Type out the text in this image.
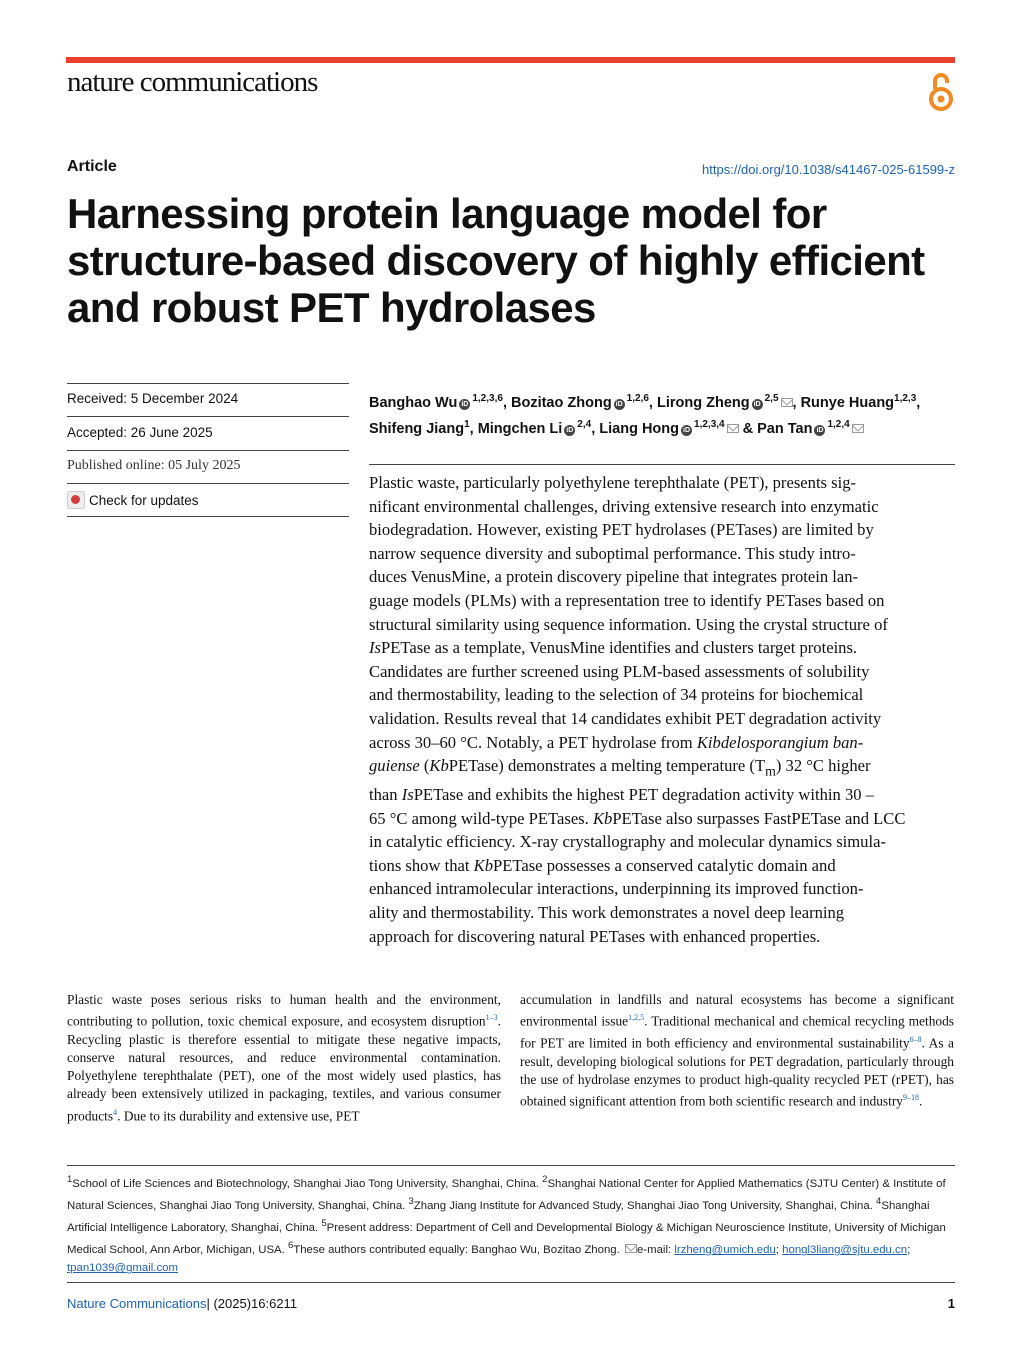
nature communications
Article	https://doi.org/10.1038/s41467-025-61599-z
Harnessing protein language model for structure-based discovery of highly efficient and robust PET hydrolases
Received: 5 December 2024
Accepted: 26 June 2025
Published online: 05 July 2025
Check for updates
Banghao Wu iD$^{1,2,3,6}$, Bozitao Zhong iD$^{1,2,6}$, Lirong Zheng iD$^{2,5}$ , Runye Huang$^{1,2,3}$,
Shifeng Jiang$^1$, Mingchen Li iD$^{2,4}$, Liang Hong iD$^{1,2,3,4}$ & Pan Tan iD$^{1,2,4}$

Plastic waste, particularly polyethylene terephthalate (PET), presents sig-
nificant environmental challenges, driving extensive research into enzymatic
biodegradation. However, existing PET hydrolases (PETases) are limited by
narrow sequence diversity and suboptimal performance. This study intro-
duces VenusMine, a protein discovery pipeline that integrates protein lan-
guage models (PLMs) with a representation tree to identify PETases based on
structural similarity using sequence information. Using the crystal structure of
IsPETase as a template, VenusMine identifies and clusters target proteins.
Candidates are further screened using PLM-based assessments of solubility
and thermostability, leading to the selection of 34 proteins for biochemical
validation. Results reveal that 14 candidates exhibit PET degradation activity
across 30–60 °C. Notably, a PET hydrolase from Kibdelosporangium ban-
guiense (KbPETase) demonstrates a melting temperature $(T_m)$ 32 °C higher
than IsPETase and exhibits the highest PET degradation activity within 30 –
65 °C among wild-type PETases. KbPETase also surpasses FastPETase and LCC
in catalytic efficiency. X-ray crystallography and molecular dynamics simula-
tions show that KbPETase possesses a conserved catalytic domain and
enhanced intramolecular interactions, underpinning its improved function-
ality and thermostability. This work demonstrates a novel deep learning
approach for discovering natural PETases with enhanced properties.

Plastic waste poses serious risks to human health and the environment, contributing to pollution, toxic chemical exposure, and ecosystem disruption$^{1-3}$. Recycling plastic is therefore essential to mitigate these negative impacts, conserve natural resources, and reduce environmental contamination. Polyethylene terephthalate (PET), one of the most widely used plastics, has already been extensively utilized in packaging, textiles, and various consumer products$^4$. Due to its durability and extensive use, PET

accumulation in landfills and natural ecosystems has become a significant environmental issue$^{1,2,5}$. Traditional mechanical and chemical recycling methods for PET are limited in both efficiency and environmental sustainability$^{6-8}$. As a result, developing biological solutions for PET degradation, particularly through the use of hydrolase enzymes to product high-quality recycled PET (rPET), has obtained significant attention from both scientific research and industry$^{9-18}$.

$^1$School of Life Sciences and Biotechnology, Shanghai Jiao Tong University, Shanghai, China. $^2$Shanghai National Center for Applied Mathematics (SJTU Center) & Institute of Natural Sciences, Shanghai Jiao Tong University, Shanghai, China. $^3$Zhang Jiang Institute for Advanced Study, Shanghai Jiao Tong University, Shanghai, China. $^4$Shanghai Artificial Intelligence Laboratory, Shanghai, China. $^5$Present address: Department of Cell and Developmental Biology & Michigan Neuroscience Institute, University of Michigan Medical School, Ann Arbor, Michigan, USA. $^6$These authors contributed equally: Banghao Wu, Bozitao Zhong. e-mail: lrzheng@umich.edu; hongl3liang@sjtu.edu.cn; tpan1039@gmail.com

Nature Communications| (2025)16:6211	1
